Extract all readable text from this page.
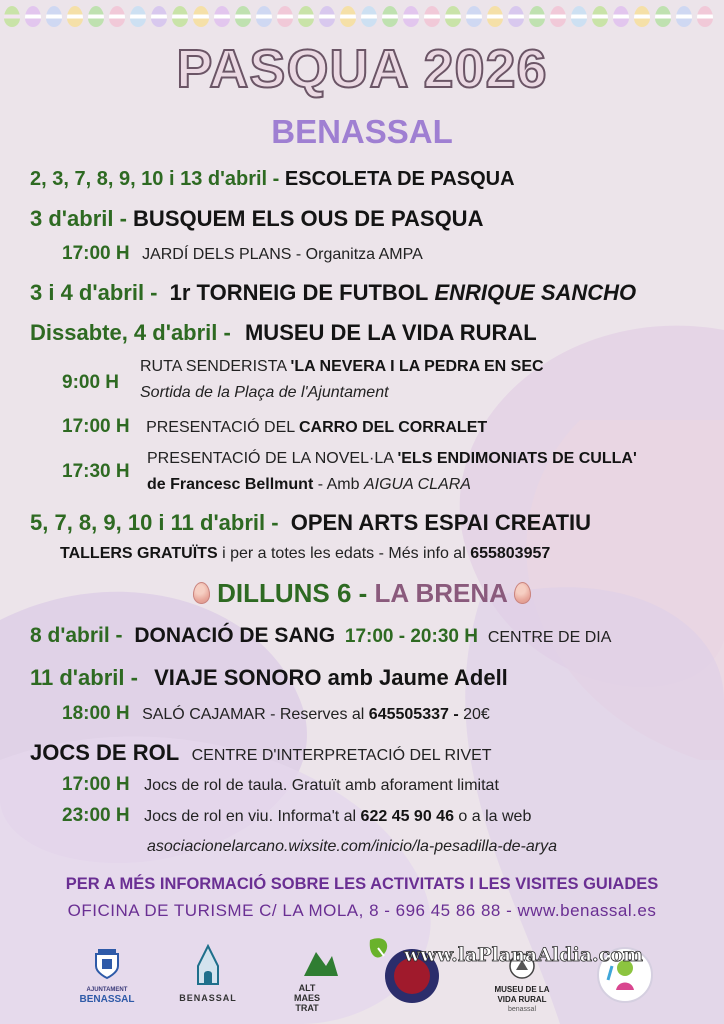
PASQUA 2026
BENASSAL
2, 3, 7, 8, 9, 10 i 13 d'abril - ESCOLETA DE PASQUA
3 d'abril - BUSQUEM ELS OUS DE PASQUA
17:00 H JARDÍ DELS PLANS - Organitza AMPA
3 i 4 d'abril - 1r TORNEIG DE FUTBOL ENRIQUE SANCHO
Dissabte, 4 d'abril - MUSEU DE LA VIDA RURAL
9:00 H
RUTA SENDERISTA 'LA NEVERA I LA PEDRA EN SEC
Sortida de la Plaça de l'Ajuntament
17:00 H PRESENTACIÓ DEL CARRO DEL CORRALET
17:30 H
PRESENTACIÓ DE LA NOVEL·LA 'ELS ENDIMONIATS DE CULLA'
de Francesc Bellmunt - Amb AIGUA CLARA
5, 7, 8, 9, 10 i 11 d'abril - OPEN ARTS ESPAI CREATIU
TALLERS GRATUÏTS i per a totes les edats - Més info al 655803957
DILLUNS 6 - LA BRENA
8 d'abril - DONACIÓ DE SANG 17:00 - 20:30 H CENTRE DE DIA
11 d'abril - VIAJE SONORO amb Jaume Adell
18:00 H SALÓ CAJAMAR - Reserves al 645505337 - 20€
JOCS DE ROL CENTRE D'INTERPRETACIÓ DEL RIVET
17:00 H Jocs de rol de taula. Gratuït amb aforament limitat
23:00 H Jocs de rol en viu. Informa't al 622 45 90 46 o a la web
asociacionelarcano.wixsite.com/inicio/la-pesadilla-de-arya
PER A MÉS INFORMACIÓ SOBRE LES ACTIVITATS I LES VISITES GUIADES
OFICINA DE TURISME C/ LA MOLA, 8 - 696 45 86 88 - www.benassal.es
AJUNTAMENT
BENASSAL	BENASSAL
ALT MAES TRAT
MUSEU DE LA
VIDA RURAL
benassal
www.laPlanaAldia.com
